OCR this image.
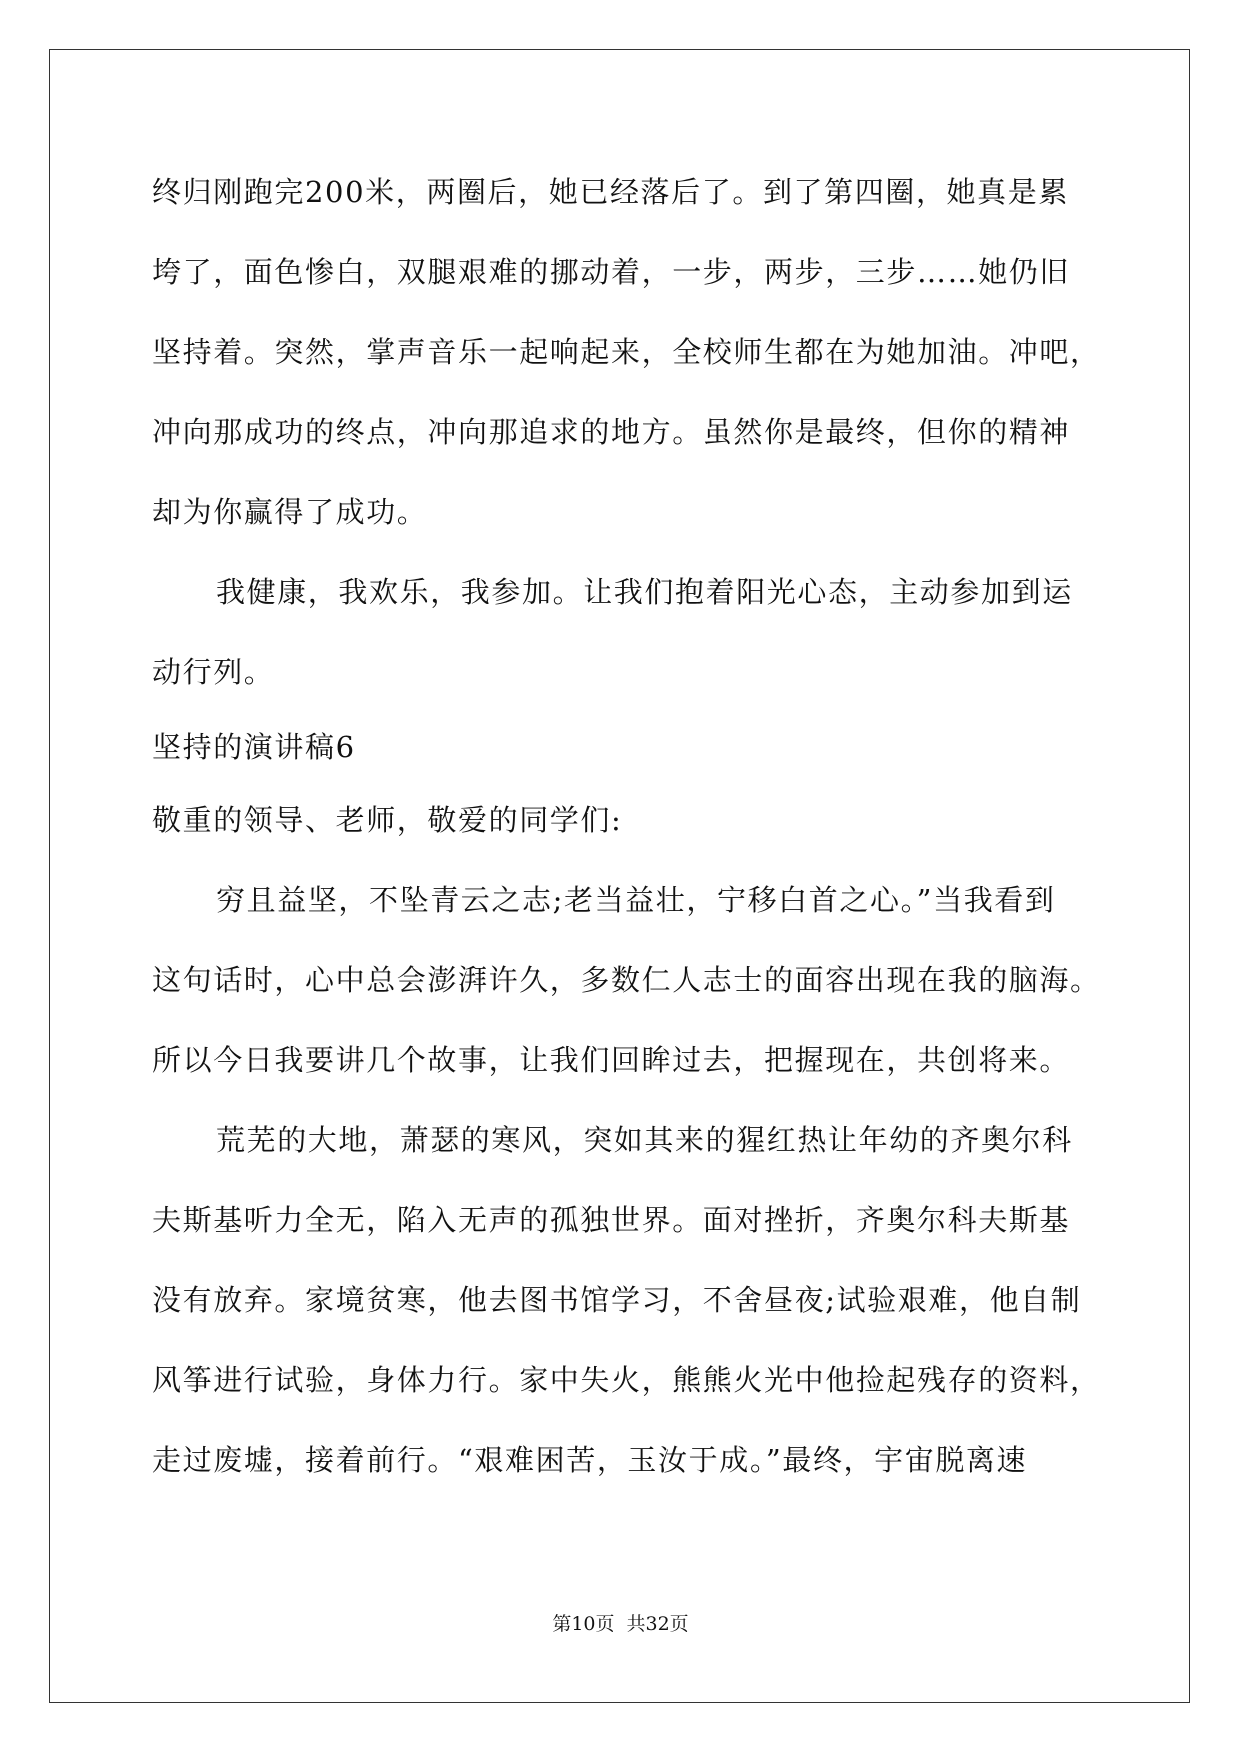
终归刚跑完200米，两圈后，她已经落后了。到了第四圈，她真是累
垮了，面色惨白，双腿艰难的挪动着，一步，两步，三步……她仍旧
坚持着。突然，掌声音乐一起响起来，全校师生都在为她加油。冲吧，
冲向那成功的终点，冲向那追求的地方。虽然你是最终，但你的精神
却为你赢得了成功。
我健康，我欢乐，我参加。让我们抱着阳光心态，主动参加到运
动行列。
坚持的演讲稿6
敬重的领导、老师，敬爱的同学们:
穷且益坚，不坠青云之志;老当益壮，宁移白首之心。”当我看到
这句话时，心中总会澎湃许久，多数仁人志士的面容出现在我的脑海。
所以今日我要讲几个故事，让我们回眸过去，把握现在，共创将来。
荒芜的大地，萧瑟的寒风，突如其来的猩红热让年幼的齐奥尔科
夫斯基听力全无，陷入无声的孤独世界。面对挫折，齐奥尔科夫斯基
没有放弃。家境贫寒，他去图书馆学习，不舍昼夜;试验艰难，他自制
风筝进行试验，身体力行。家中失火，熊熊火光中他捡起残存的资料，
走过废墟，接着前行。“艰难困苦，玉汝于成。”最终，宇宙脱离速
第10页 共32页
